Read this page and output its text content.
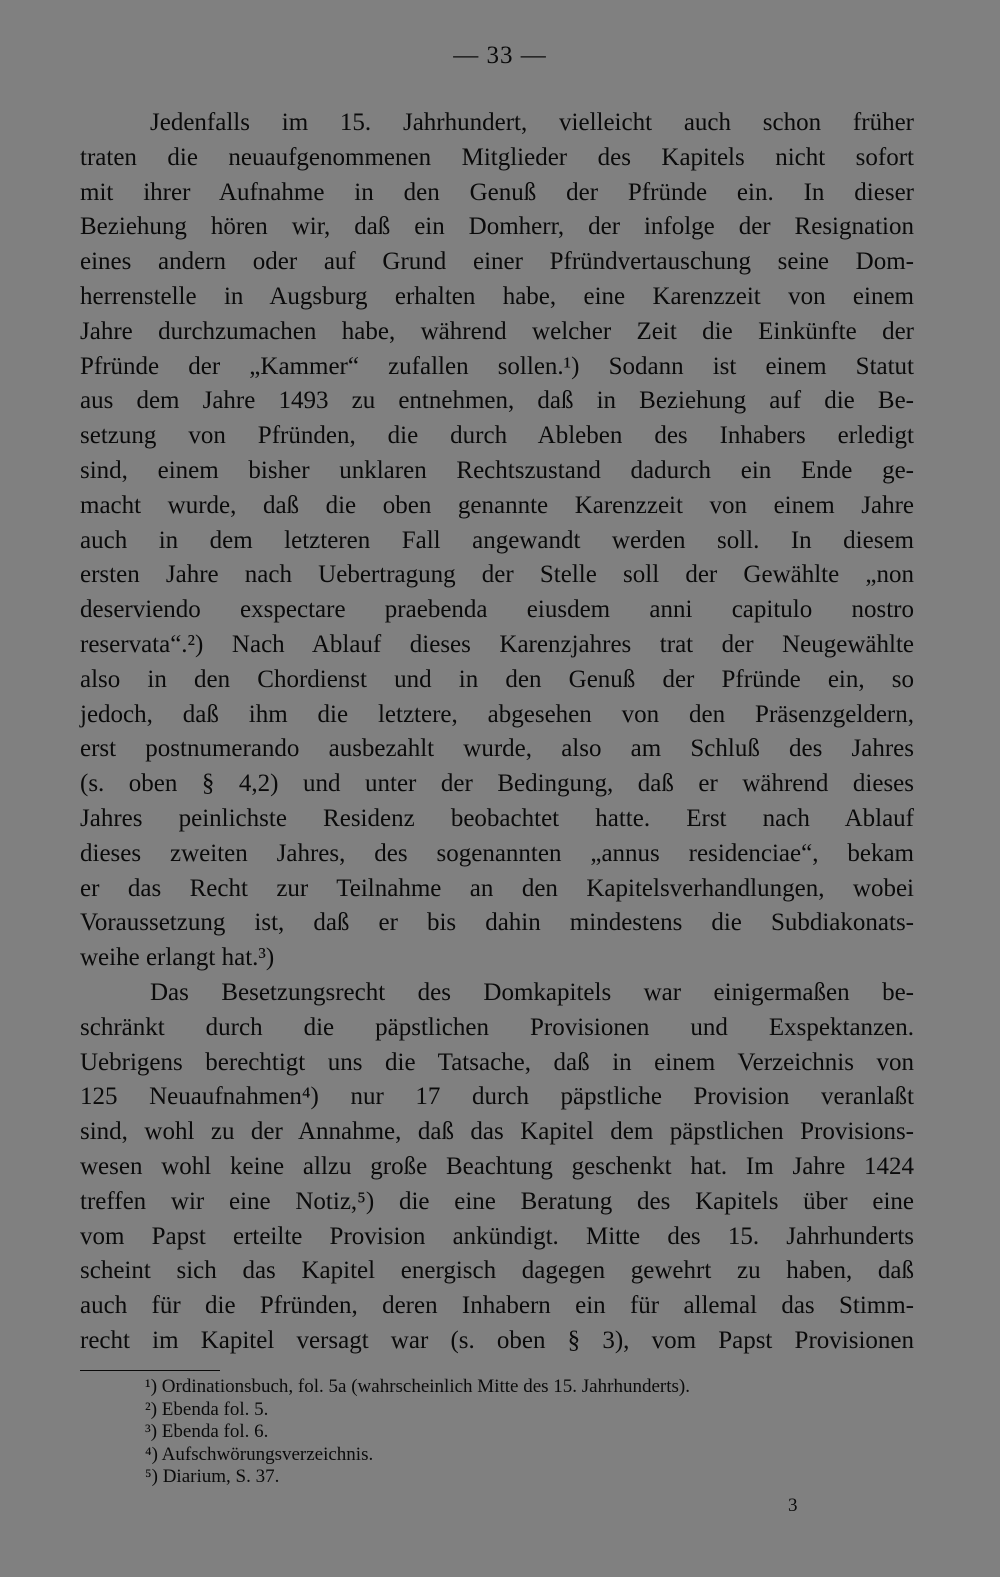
— 33 —
Jedenfalls im 15. Jahrhundert, vielleicht auch schon früher
traten die neuaufgenommenen Mitglieder des Kapitels nicht sofort
mit ihrer Aufnahme in den Genuß der Pfründe ein. In dieser
Beziehung hören wir, daß ein Domherr, der infolge der Resignation
eines andern oder auf Grund einer Pfründvertauschung seine Dom-
herrenstelle in Augsburg erhalten habe, eine Karenzzeit von einem
Jahre durchzumachen habe, während welcher Zeit die Einkünfte der
Pfründe der „Kammer“ zufallen sollen.¹) Sodann ist einem Statut
aus dem Jahre 1493 zu entnehmen, daß in Beziehung auf die Be-
setzung von Pfründen, die durch Ableben des Inhabers erledigt
sind, einem bisher unklaren Rechtszustand dadurch ein Ende ge-
macht wurde, daß die oben genannte Karenzzeit von einem Jahre
auch in dem letzteren Fall angewandt werden soll. In diesem
ersten Jahre nach Uebertragung der Stelle soll der Gewählte „non
deserviendo exspectare praebenda eiusdem anni capitulo nostro
reservata“.²) Nach Ablauf dieses Karenzjahres trat der Neugewählte
also in den Chordienst und in den Genuß der Pfründe ein, so
jedoch, daß ihm die letztere, abgesehen von den Präsenzgeldern,
erst postnumerando ausbezahlt wurde, also am Schluß des Jahres
(s. oben § 4,2) und unter der Bedingung, daß er während dieses
Jahres peinlichste Residenz beobachtet hatte. Erst nach Ablauf
dieses zweiten Jahres, des sogenannten „annus residenciae“, bekam
er das Recht zur Teilnahme an den Kapitelsverhandlungen, wobei
Voraussetzung ist, daß er bis dahin mindestens die Subdiakonats-
weihe erlangt hat.³)
Das Besetzungsrecht des Domkapitels war einigermaßen be-
schränkt durch die päpstlichen Provisionen und Exspektanzen.
Uebrigens berechtigt uns die Tatsache, daß in einem Verzeichnis von
125 Neuaufnahmen⁴) nur 17 durch päpstliche Provision veranlaßt
sind, wohl zu der Annahme, daß das Kapitel dem päpstlichen Provisions-
wesen wohl keine allzu große Beachtung geschenkt hat. Im Jahre 1424
treffen wir eine Notiz,⁵) die eine Beratung des Kapitels über eine
vom Papst erteilte Provision ankündigt. Mitte des 15. Jahrhunderts
scheint sich das Kapitel energisch dagegen gewehrt zu haben, daß
auch für die Pfründen, deren Inhabern ein für allemal das Stimm-
recht im Kapitel versagt war (s. oben § 3), vom Papst Provisionen
¹) Ordinationsbuch, fol. 5a (wahrscheinlich Mitte des 15. Jahrhunderts).
²) Ebenda fol. 5.
³) Ebenda fol. 6.
⁴) Aufschwörungsverzeichnis.
⁵) Diarium, S. 37.
3
